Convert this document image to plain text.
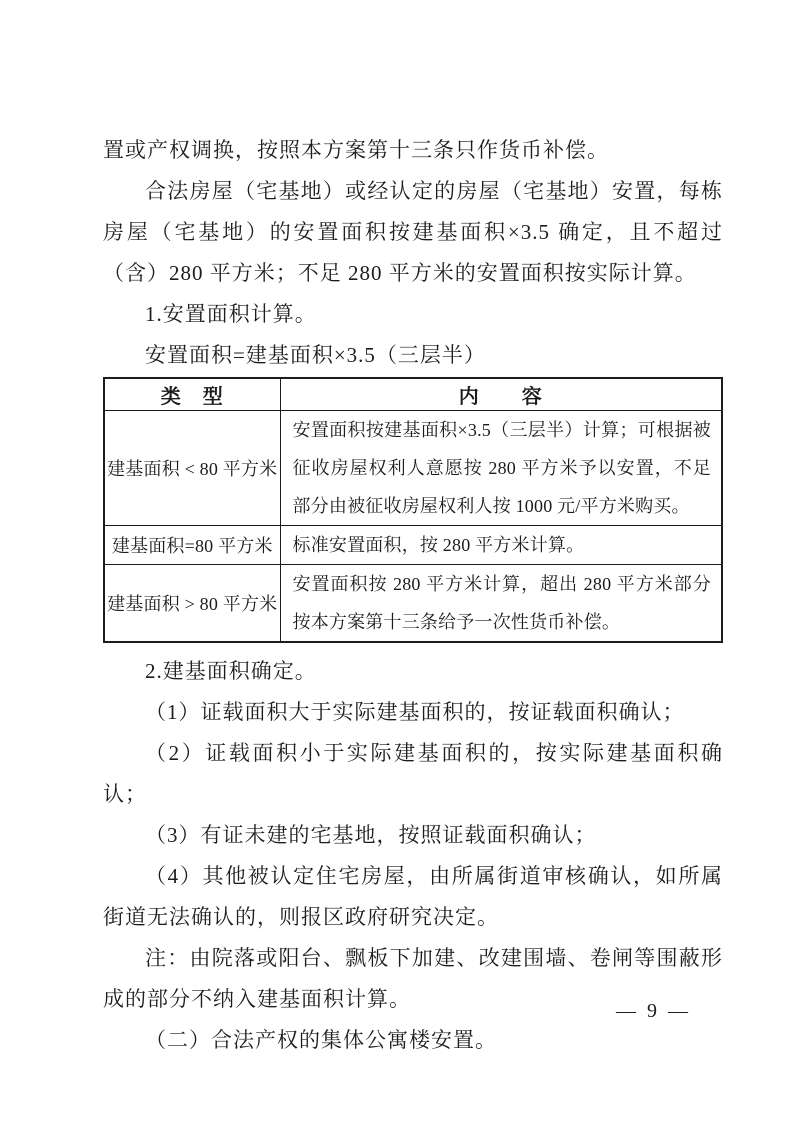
置或产权调换，按照本方案第十三条只作货币补偿。

合法房屋（宅基地）或经认定的房屋（宅基地）安置，每栋房屋（宅基地）的安置面积按建基面积×3.5 确定，且不超过（含）280 平方米；不足 280 平方米的安置面积按实际计算。

1.安置面积计算。

安置面积=建基面积×3.5（三层半）

类　型	内　　容
建基面积 < 80 平方米	安置面积按建基面积×3.5（三层半）计算；可根据被征收房屋权利人意愿按 280 平方米予以安置，不足部分由被征收房屋权利人按 1000 元/平方米购买。
建基面积=80 平方米	标准安置面积，按 280 平方米计算。
建基面积 > 80 平方米	安置面积按 280 平方米计算，超出 280 平方米部分按本方案第十三条给予一次性货币补偿。

2.建基面积确定。

（1）证载面积大于实际建基面积的，按证载面积确认；

（2）证载面积小于实际建基面积的，按实际建基面积确认；

（3）有证未建的宅基地，按照证载面积确认；

（4）其他被认定住宅房屋，由所属街道审核确认，如所属街道无法确认的，则报区政府研究决定。

注：由院落或阳台、飘板下加建、改建围墙、卷闸等围蔽形成的部分不纳入建基面积计算。

（二）合法产权的集体公寓楼安置。

— 9 —
